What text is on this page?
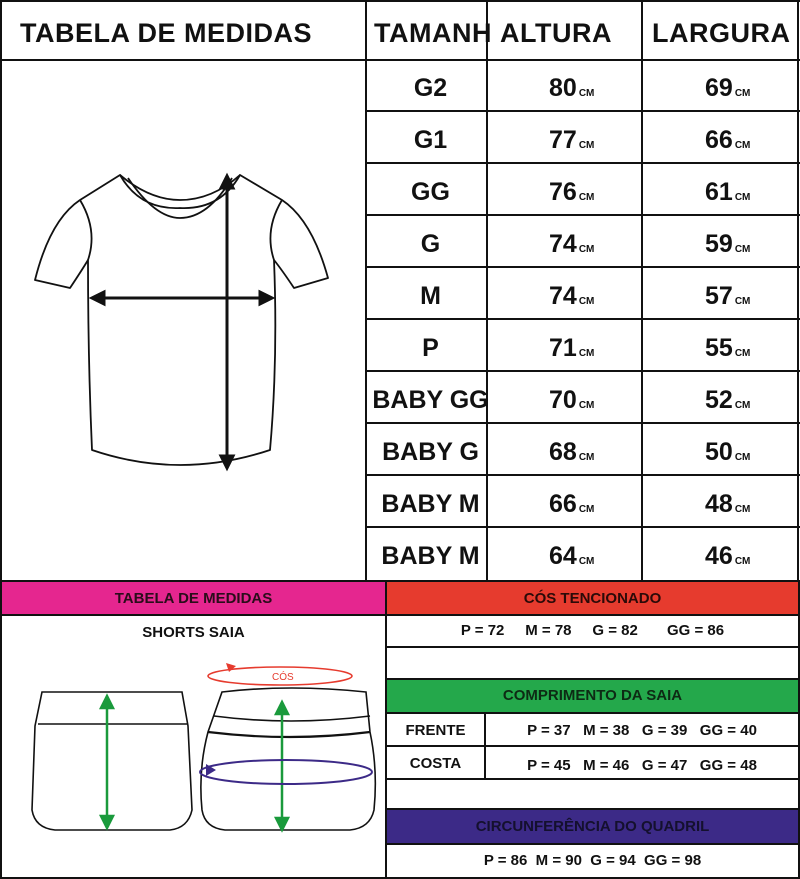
TABELA DE MEDIDAS TAMANH ALTURA LARGURA
G2	80 CM	69 CM
G1	77 CM	66 CM
GG	76 CM	61 CM
G	74 CM	59 CM
M	74 CM	57 CM
P	71 CM	55 CM
BABY GG 70 CM	52 CM
BABY G	68 CM	50 CM
BABY M	66 CM	48 CM
BABY M	64 CM	46 CM
TABELA DE MEDIDAS
SHORTS SAIA
CÓS
CÓS TENCIONADO
P = 72     M = 78     G = 82       GG = 86
COMPRIMENTO DA SAIA
FRENTE	P = 37   M = 38   G = 39   GG = 40
COSTA	P = 45   M = 46   G = 47   GG = 48
CIRCUNFERÊNCIA DO QUADRIL
P = 86  M = 90  G = 94  GG = 98
